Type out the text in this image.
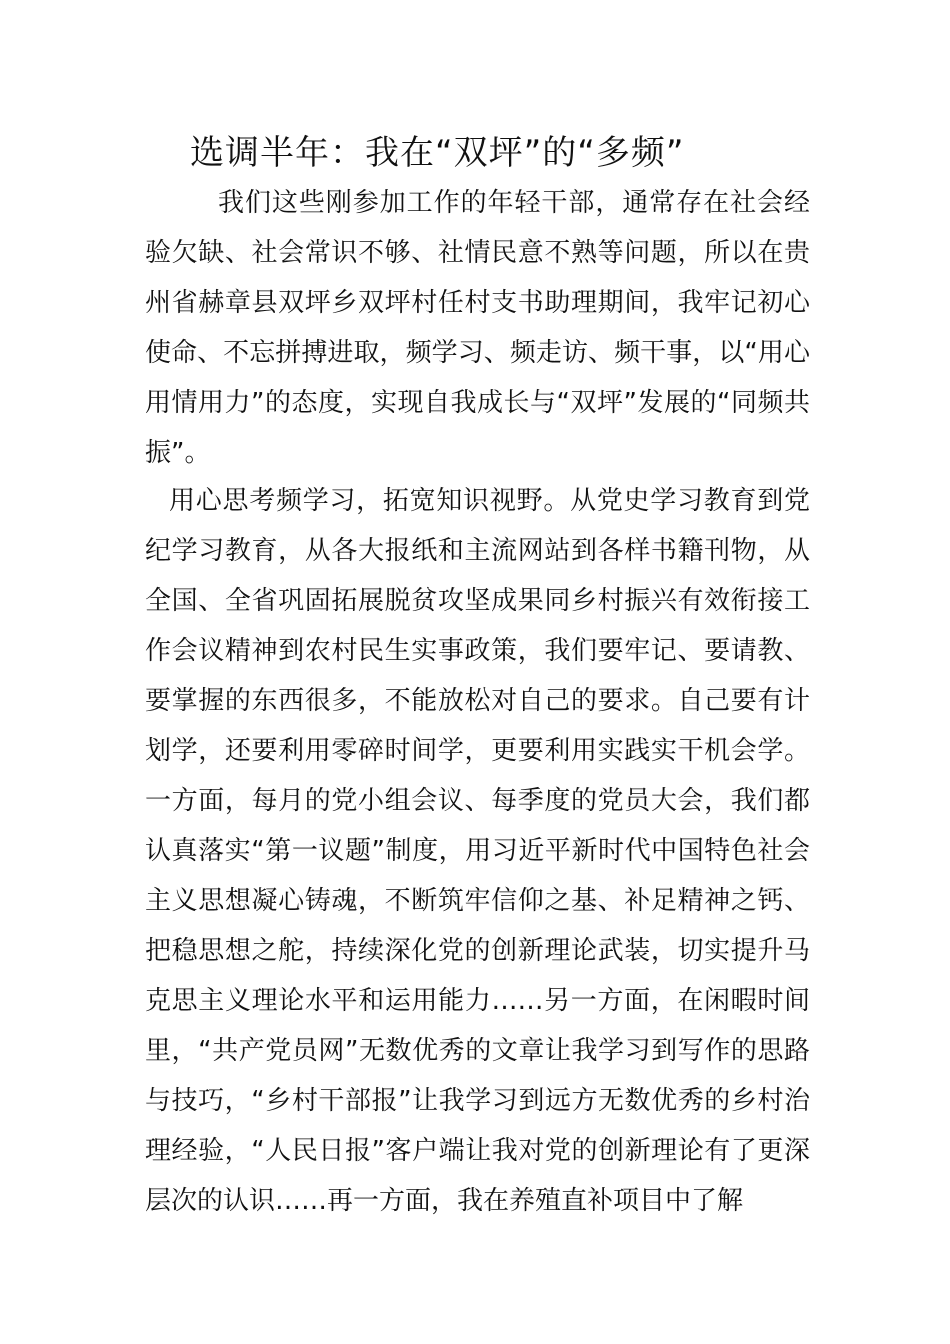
选调半年：我在“双坪”的“多频”
我们这些刚参加工作的年轻干部，通常存在社会经验欠缺、社会常识不够、社情民意不熟等问题，所以在贵州省赫章县双坪乡双坪村任村支书助理期间，我牢记初心使命、不忘拼搏进取，频学习、频走访、频干事，以“用心用情用力”的态度，实现自我成长与“双坪”发展的“同频共振”。
用心思考频学习，拓宽知识视野。从党史学习教育到党纪学习教育，从各大报纸和主流网站到各样书籍刊物，从全国、全省巩固拓展脱贫攻坚成果同乡村振兴有效衔接工作会议精神到农村民生实事政策，我们要牢记、要请教、要掌握的东西很多，不能放松对自己的要求。自己要有计划学，还要利用零碎时间学，更要利用实践实干机会学。一方面，每月的党小组会议、每季度的党员大会，我们都认真落实“第一议题”制度，用习近平新时代中国特色社会主义思想凝心铸魂，不断筑牢信仰之基、补足精神之钙、把稳思想之舵，持续深化党的创新理论武装，切实提升马克思主义理论水平和运用能力……另一方面，在闲暇时间里，“共产党员网”无数优秀的文章让我学习到写作的思路与技巧，“乡村干部报”让我学习到远方无数优秀的乡村治理经验，“人民日报”客户端让我对党的创新理论有了更深层次的认识……再一方面，我在养殖直补项目中了解
